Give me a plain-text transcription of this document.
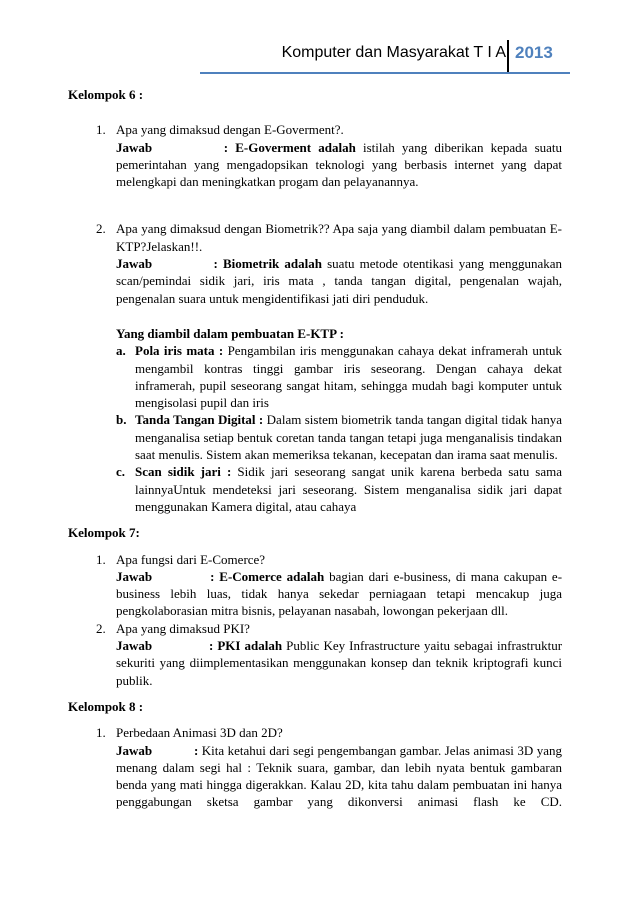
Komputer dan Masyarakat T I A 2013

Kelompok 6 :

1. Apa yang dimaksud dengan E-Goverment?.

Jawab	: E-Goverment adalah istilah yang diberikan kepada suatu pemerintahan yang mengadopsikan teknologi yang berbasis internet yang dapat melengkapi dan meningkatkan progam dan pelayanannya.

2. Apa yang dimaksud dengan Biometrik?? Apa saja yang diambil dalam pembuatan E-KTP?Jelaskan!!.

Jawab	: Biometrik adalah suatu metode otentikasi yang menggunakan scan/pemindai sidik jari, iris mata , tanda tangan digital, pengenalan wajah, pengenalan suara untuk mengidentifikasi jati diri penduduk.

Yang diambil dalam pembuatan E-KTP :

a. Pola iris mata : Pengambilan iris menggunakan cahaya dekat inframerah untuk mengambil kontras tinggi gambar iris seseorang. Dengan cahaya dekat inframerah, pupil seseorang sangat hitam, sehingga mudah bagi komputer untuk mengisolasi pupil dan iris

b. Tanda Tangan Digital : Dalam sistem biometrik tanda tangan digital tidak hanya menganalisa setiap bentuk coretan tanda tangan tetapi juga menganalisis tindakan saat menulis. Sistem akan memeriksa tekanan, kecepatan dan irama saat menulis.

c. Scan sidik jari : Sidik jari seseorang sangat unik karena berbeda satu sama lainnyaUntuk mendeteksi jari seseorang. Sistem menganalisa sidik jari dapat menggunakan Kamera digital, atau cahaya

Kelompok 7:

1. Apa fungsi dari E-Comerce?

Jawab	: E-Comerce adalah bagian dari e-business, di mana cakupan e-business lebih luas, tidak hanya sekedar perniagaan tetapi mencakup juga pengkolaborasian mitra bisnis, pelayanan nasabah, lowongan pekerjaan dll.

2. Apa yang dimaksud PKI?

Jawab	: PKI adalah Public Key Infrastructure yaitu sebagai infrastruktur sekuriti yang diimplementasikan menggunakan konsep dan teknik kriptografi kunci publik.

Kelompok 8 :

1. Perbedaan Animasi 3D dan 2D?

Jawab	: Kita ketahui dari segi pengembangan gambar. Jelas animasi 3D yang menang dalam segi hal : Teknik suara, gambar, dan lebih nyata bentuk gambaran benda yang mati hingga digerakkan. Kalau 2D, kita tahu dalam pembuatan ini hanya penggabungan sketsa gambar yang dikonversi animasi flash ke CD.
